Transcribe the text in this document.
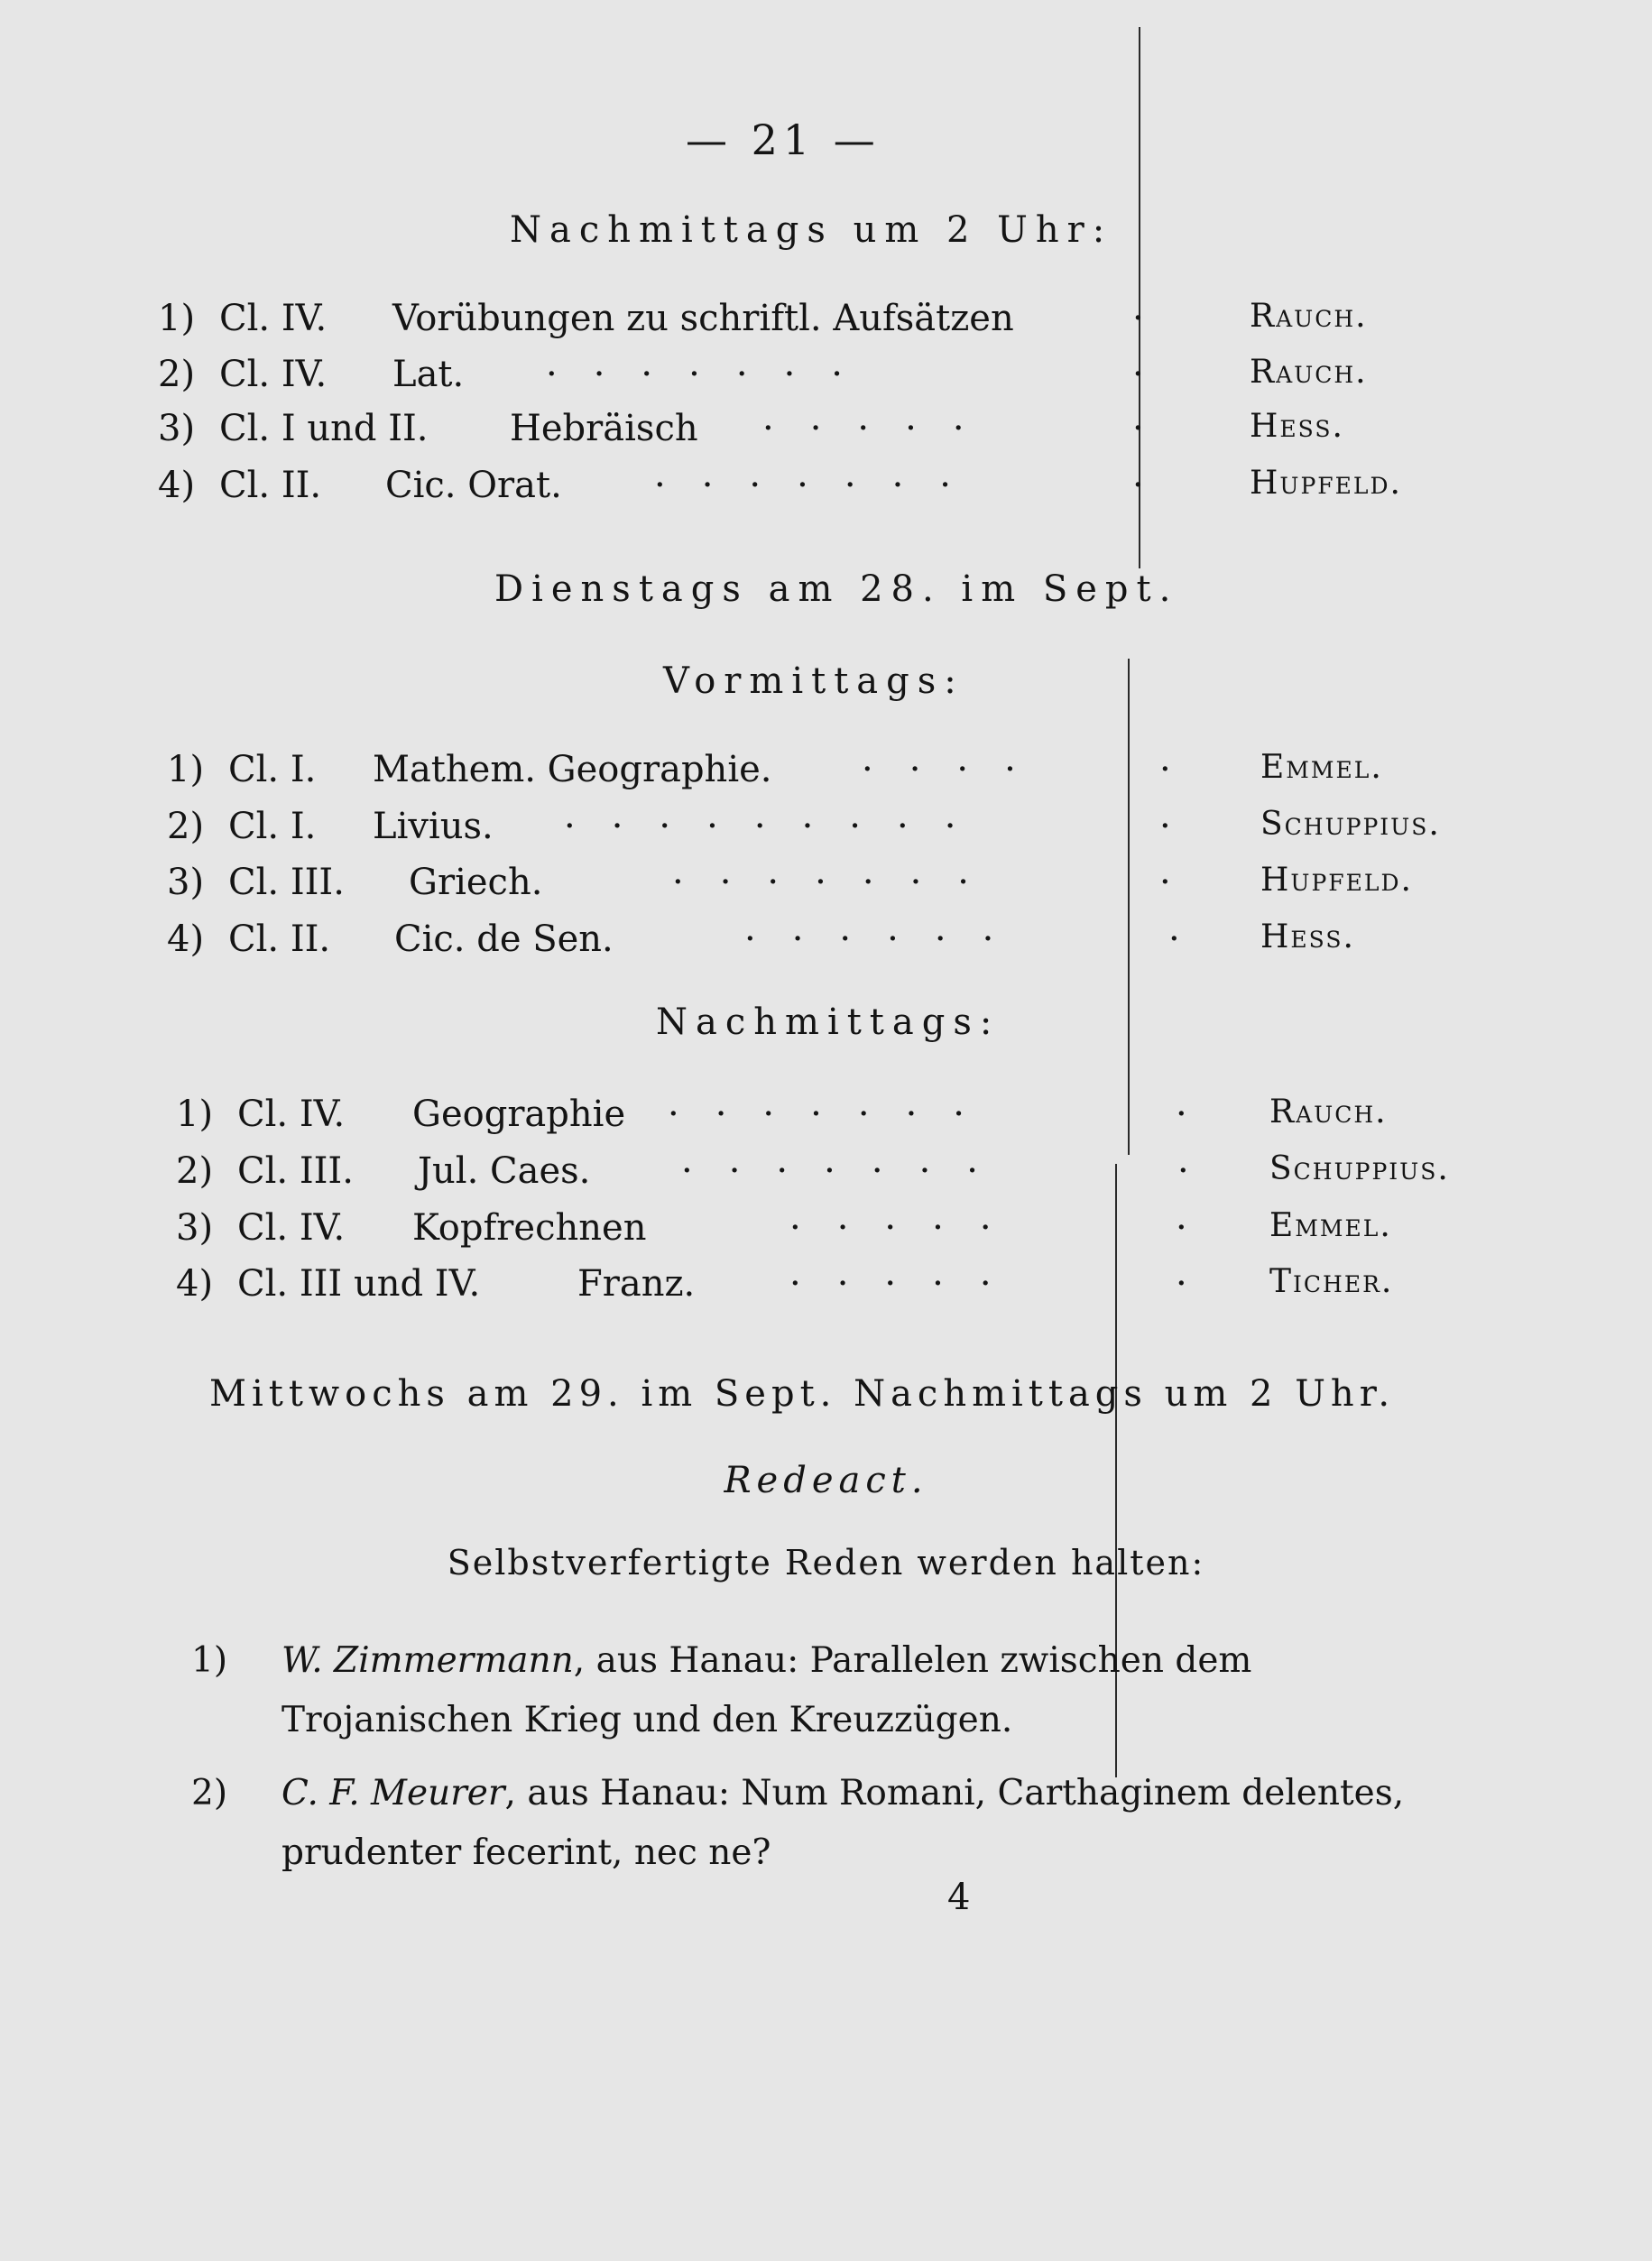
— 21 —
Nachmittags um 2 Uhr:
1) Cl. IV. Vorübungen zu schriftl. Aufsätzen	· Rauch.
2) Cl. IV. Lat. ·······	· Rauch.
3) Cl. I und II. Hebräisch ·····	· Hess.
4) Cl. II. Cic. Orat.	·······	· Hupfeld.
Dienstags am 28. im Sept.
Vormittags:
1) Cl. I. Mathem. Geographie. ····	· Emmel.
2) Cl. I. Livius. ·········	· Schuppius.
3) Cl. III. Griech.	·······	· Hupfeld.
4) Cl. II. Cic. de Sen.	······	· Hess.
Nachmittags:
1) Cl. IV. Geographie ·······	· Rauch.
2) Cl. III. Jul. Caes.	·······	· Schuppius.
3) Cl. IV. Kopfrechnen	·····	· Emmel.
4) Cl. III und IV.	Franz.	·····	· Ticher.
Mittwochs am 29. im Sept. Nachmittags um 2 Uhr.
Redeact.
Selbstverfertigte Reden werden halten:
1) W. Zimmermann, aus Hanau: Parallelen zwischen dem Trojanischen Krieg und den Kreuzzügen.
2) C. F. Meurer, aus Hanau: Num Romani, Carthaginem delentes, prudenter fecerint, nec ne?
4
